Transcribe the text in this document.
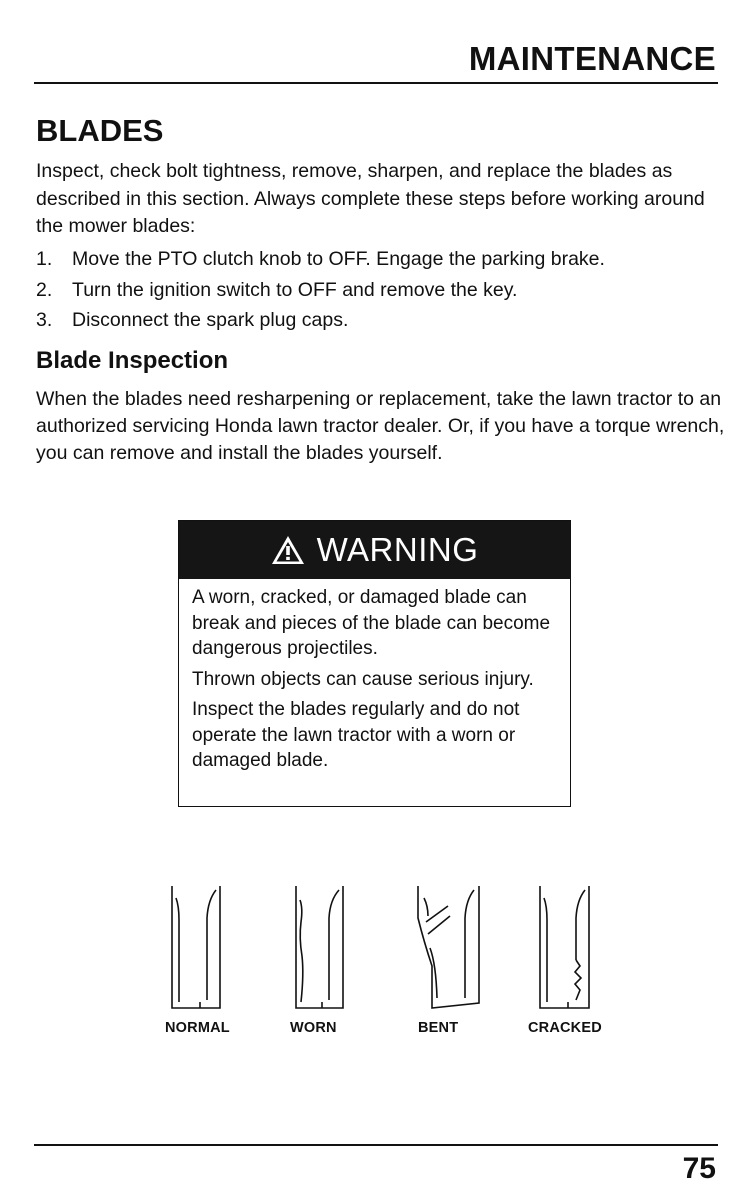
MAINTENANCE
BLADES

Inspect, check bolt tightness, remove, sharpen, and replace the blades as described in this section. Always complete these steps before working around the mower blades:

1.	Move the PTO clutch knob to OFF. Engage the parking brake.
2.	Turn the ignition switch to OFF and remove the key.
3.	Disconnect the spark plug caps.
Blade Inspection

When the blades need resharpening or replacement, take the lawn tractor to an authorized servicing Honda lawn tractor dealer. Or, if you have a torque wrench, you can remove and install the blades yourself.

WARNING

A worn, cracked, or damaged blade can break and pieces of the blade can become dangerous projectiles.

Thrown objects can cause serious injury.

Inspect the blades regularly and do not operate the lawn tractor with a worn or damaged blade.

NORMAL	WORN	BENT	CRACKED
75
